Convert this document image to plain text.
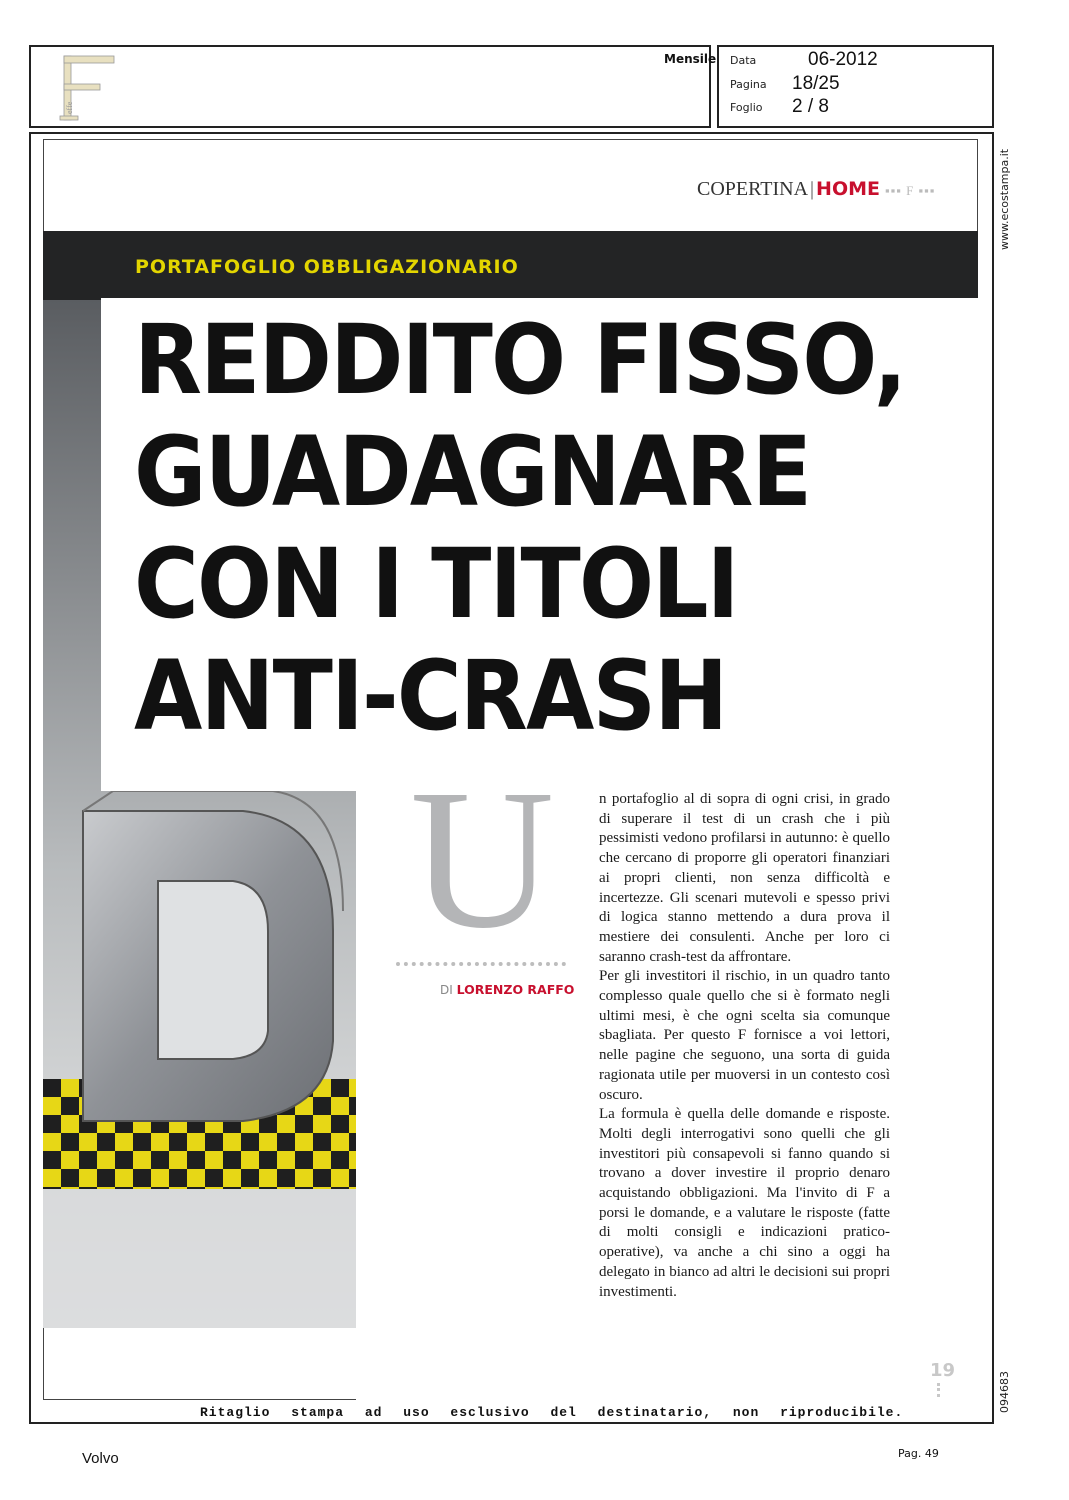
effe
Mensile Data	06-2012
Pagina 18/25
Foglio 2 / 8
www.ecostampa.it
094683
COPERTINA | HOME ▪▪▪ F ▪▪▪
PORTAFOGLIO OBBLIGAZIONARIO
REDDITO FISSO,
GUADAGNARE
CON I TITOLI
ANTI-CRASH
U
DI LORENZO RAFFO

n portafoglio al di sopra di ogni crisi, in grado di superare il test di un crash che i più pessimisti vedono profilarsi in autunno: è quello che cercano di proporre gli operatori finanziari ai propri clienti, non senza difficoltà e incertezze. Gli scenari mutevoli e spesso privi di logica stanno mettendo a dura prova il mestiere dei consulenti. Anche per loro ci saranno crash-test da affrontare.

Per gli investitori il rischio, in un quadro tanto complesso quale quello che si è formato negli ultimi mesi, è che ogni scelta sia comunque sbagliata. Per questo F fornisce a voi lettori, nelle pagine che seguono, una sorta di guida ragionata utile per muoversi in un contesto così oscuro.

La formula è quella delle domande e risposte. Molti degli interrogativi sono quelli che gli investitori più consapevoli si fanno quando si trovano a dover investire il proprio denaro acquistando obbligazioni. Ma l'invito di F a porsi le domande, e a valutare le risposte (fatte di molti consigli e indicazioni pratico-operative), va anche a chi sino a oggi ha delegato in bianco ad altri le decisioni sui propri investimenti.

19
Ritaglio stampa ad uso esclusivo del destinatario, non riproducibile.
Volvo	Pag. 49
